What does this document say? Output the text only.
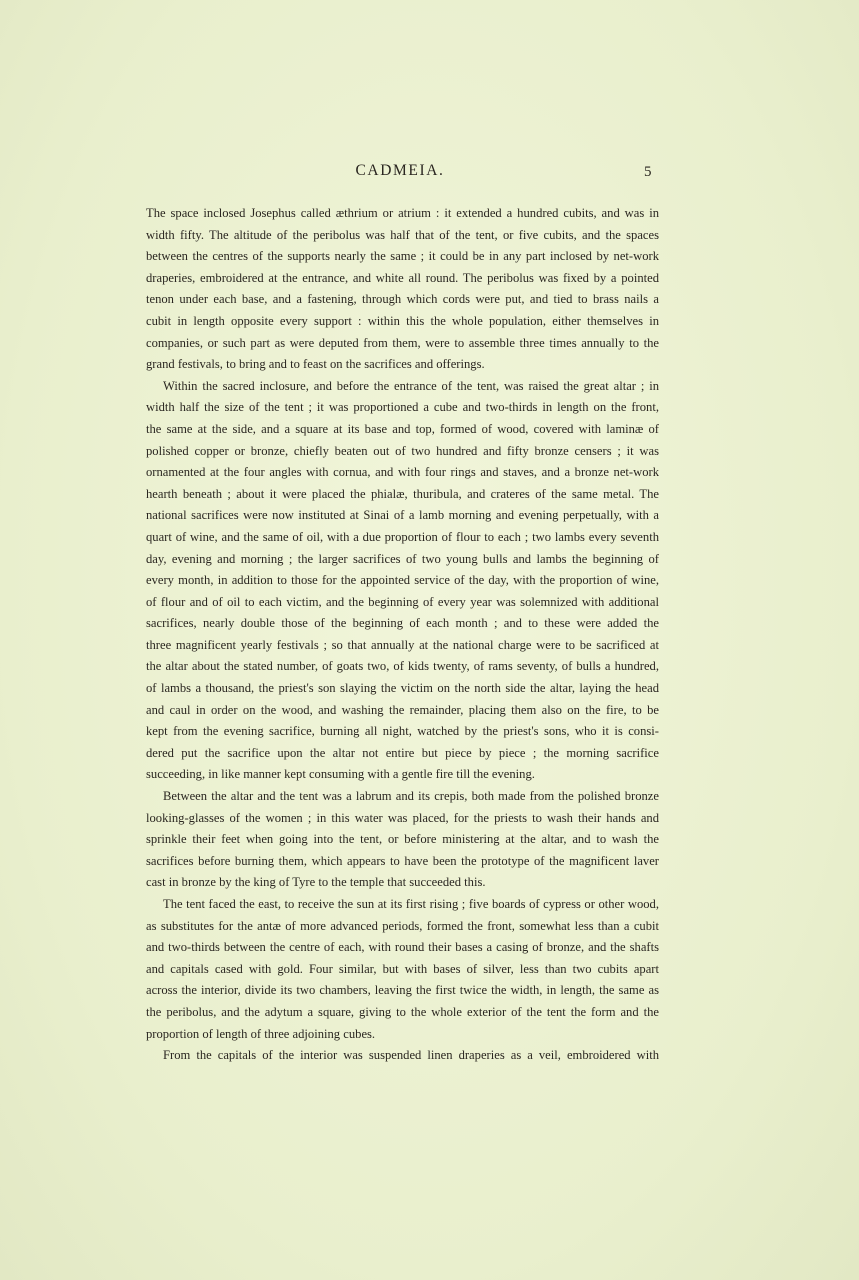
CADMEIA.	5

The space inclosed Josephus called æthrium or atrium : it extended a hundred cubits, and was in
width fifty. The altitude of the peribolus was half that of the tent, or five cubits, and the spaces
between the centres of the supports nearly the same ; it could be in any part inclosed by net-work
draperies, embroidered at the entrance, and white all round. The peribolus was fixed by a pointed
tenon under each base, and a fastening, through which cords were put, and tied to brass nails a
cubit in length opposite every support : within this the whole population, either themselves in
companies, or such part as were deputed from them, were to assemble three times annually to the
grand festivals, to bring and to feast on the sacrifices and offerings.

Within the sacred inclosure, and before the entrance of the tent, was raised the great altar ; in
width half the size of the tent ; it was proportioned a cube and two-thirds in length on the front,
the same at the side, and a square at its base and top, formed of wood, covered with laminæ of
polished copper or bronze, chiefly beaten out of two hundred and fifty bronze censers ; it was
ornamented at the four angles with cornua, and with four rings and staves, and a bronze net-work
hearth beneath ; about it were placed the phialæ, thuribula, and crateres of the same metal. The
national sacrifices were now instituted at Sinai of a lamb morning and evening perpetually, with a
quart of wine, and the same of oil, with a due proportion of flour to each ; two lambs every seventh
day, evening and morning ; the larger sacrifices of two young bulls and lambs the beginning of
every month, in addition to those for the appointed service of the day, with the proportion of wine,
of flour and of oil to each victim, and the beginning of every year was solemnized with additional
sacrifices, nearly double those of the beginning of each month ; and to these were added the
three magnificent yearly festivals ; so that annually at the national charge were to be sacrificed at
the altar about the stated number, of goats two, of kids twenty, of rams seventy, of bulls a hundred,
of lambs a thousand, the priest's son slaying the victim on the north side the altar, laying the head
and caul in order on the wood, and washing the remainder, placing them also on the fire, to be
kept from the evening sacrifice, burning all night, watched by the priest's sons, who it is consi-
dered put the sacrifice upon the altar not entire but piece by piece ; the morning sacrifice
succeeding, in like manner kept consuming with a gentle fire till the evening.

Between the altar and the tent was a labrum and its crepis, both made from the polished bronze
looking-glasses of the women ; in this water was placed, for the priests to wash their hands and
sprinkle their feet when going into the tent, or before ministering at the altar, and to wash the
sacrifices before burning them, which appears to have been the prototype of the magnificent laver
cast in bronze by the king of Tyre to the temple that succeeded this.

The tent faced the east, to receive the sun at its first rising ; five boards of cypress or other wood,
as substitutes for the antæ of more advanced periods, formed the front, somewhat less than a cubit
and two-thirds between the centre of each, with round their bases a casing of bronze, and the shafts
and capitals cased with gold. Four similar, but with bases of silver, less than two cubits apart
across the interior, divide its two chambers, leaving the first twice the width, in length, the same as
the peribolus, and the adytum a square, giving to the whole exterior of the tent the form and the
proportion of length of three adjoining cubes.

From the capitals of the interior was suspended linen draperies as a veil, embroidered with
